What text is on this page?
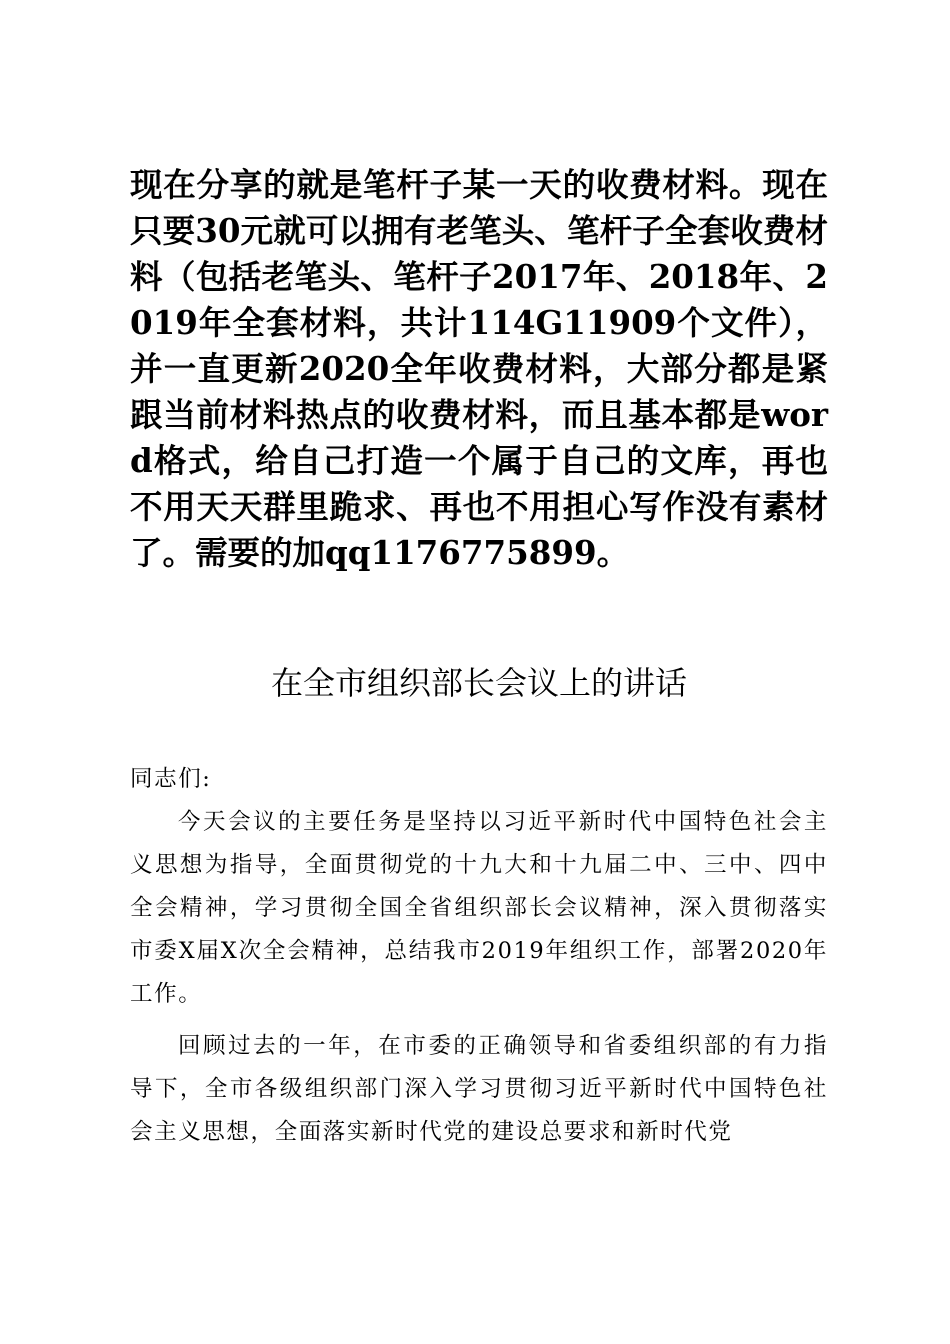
现在分享的就是笔杆子某一天的收费材料。现在只要30元就可以拥有老笔头、笔杆子全套收费材料（包括老笔头、笔杆子2017年、2018年、2019年全套材料，共计114G11909个文件），并一直更新2020全年收费材料，大部分都是紧跟当前材料热点的收费材料，而且基本都是word格式，给自己打造一个属于自己的文库，再也不用天天群里跪求、再也不用担心写作没有素材了。需要的加qq1176775899。

在全市组织部长会议上的讲话

同志们:

今天会议的主要任务是坚持以习近平新时代中国特色社会主义思想为指导，全面贯彻党的十九大和十九届二中、三中、四中全会精神，学习贯彻全国全省组织部长会议精神，深入贯彻落实市委X届X次全会精神，总结我市2019年组织工作，部署2020年工作。

回顾过去的一年，在市委的正确领导和省委组织部的有力指导下，全市各级组织部门深入学习贯彻习近平新时代中国特色社会主义思想，全面落实新时代党的建设总要求和新时代党
